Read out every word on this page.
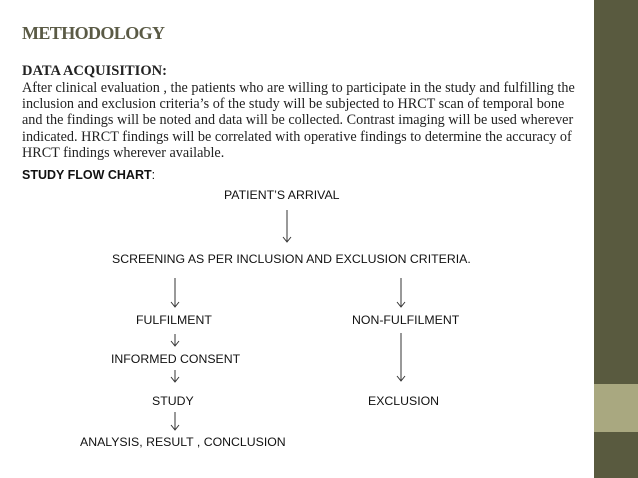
METHODOLOGY
DATA ACQUISITION:

After clinical evaluation , the patients who are willing to participate in the study and fulfilling the inclusion and exclusion criteria’s of the study will be subjected to HRCT scan of temporal bone and the findings will be noted and data will be collected. Contrast imaging will be used wherever indicated. HRCT findings will be correlated with operative findings to determine the accuracy of HRCT findings wherever available.

STUDY FLOW CHART:
PATIENT’S ARRIVAL
SCREENING AS PER INCLUSION AND EXCLUSION CRITERIA.
FULFILMENT	NON-FULFILMENT
INFORMED CONSENT
STUDY	EXCLUSION
ANALYSIS, RESULT , CONCLUSION
